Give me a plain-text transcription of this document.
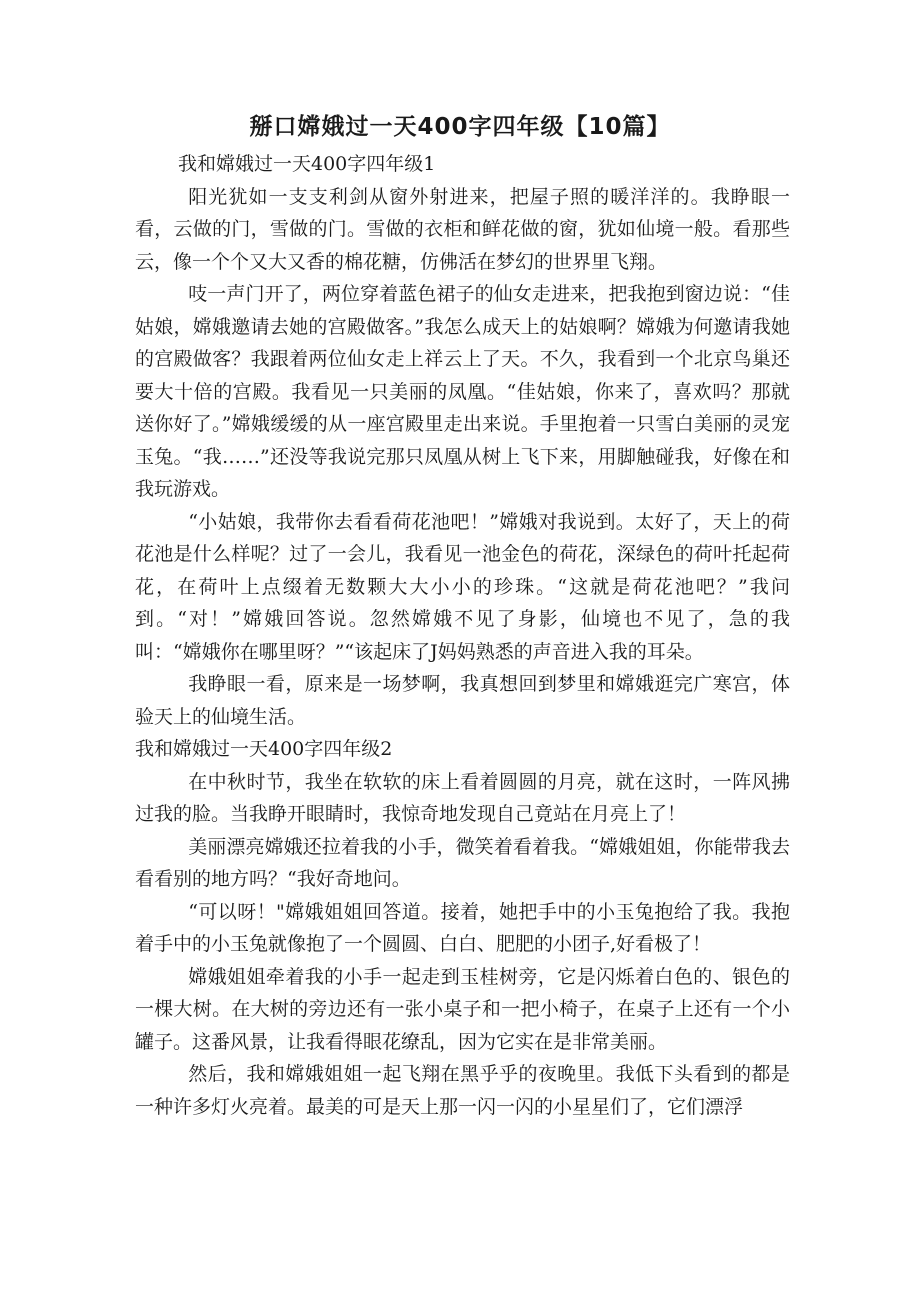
掰口嫦娥过一天400字四年级【10篇】

我和嫦娥过一天400字四年级1

阳光犹如一支支利剑从窗外射进来，把屋子照的暖洋洋的。我睁眼一看，云做的门，雪做的门。雪做的衣柜和鲜花做的窗，犹如仙境一般。看那些云，像一个个又大又香的棉花糖，仿佛活在梦幻的世界里飞翔。

吱一声门开了，两位穿着蓝色裙子的仙女走进来，把我抱到窗边说：“佳姑娘，嫦娥邀请去她的宫殿做客。”我怎么成天上的姑娘啊？嫦娥为何邀请我她的宫殿做客？我跟着两位仙女走上祥云上了天。不久，我看到一个北京鸟巢还要大十倍的宫殿。我看见一只美丽的凤凰。“佳姑娘，你来了，喜欢吗？那就送你好了。”嫦娥缓缓的从一座宫殿里走出来说。手里抱着一只雪白美丽的灵宠玉兔。“我……”还没等我说完那只凤凰从树上飞下来，用脚触碰我，好像在和我玩游戏。

“小姑娘，我带你去看看荷花池吧！”嫦娥对我说到。太好了，天上的荷花池是什么样呢？过了一会儿，我看见一池金色的荷花，深绿色的荷叶托起荷花，在荷叶上点缀着无数颗大大小小的珍珠。“这就是荷花池吧？”我问到。“对！”嫦娥回答说。忽然嫦娥不见了身影，仙境也不见了，急的我叫：“嫦娥你在哪里呀？”“该起床了J妈妈熟悉的声音进入我的耳朵。

我睁眼一看，原来是一场梦啊，我真想回到梦里和嫦娥逛完广寒宫，体验天上的仙境生活。

我和嫦娥过一天400字四年级2

在中秋时节，我坐在软软的床上看着圆圆的月亮，就在这时，一阵风拂过我的脸。当我睁开眼睛时，我惊奇地发现自己竟站在月亮上了！

美丽漂亮嫦娥还拉着我的小手，微笑着看着我。“嫦娥姐姐，你能带我去看看别的地方吗？“我好奇地问。

“可以呀！"嫦娥姐姐回答道。接着，她把手中的小玉兔抱给了我。我抱着手中的小玉兔就像抱了一个圆圆、白白、肥肥的小团子,好看极了！

嫦娥姐姐牵着我的小手一起走到玉桂树旁，它是闪烁着白色的、银色的一棵大树。在大树的旁边还有一张小桌子和一把小椅子，在桌子上还有一个小罐子。这番风景，让我看得眼花缭乱，因为它实在是非常美丽。

然后，我和嫦娥姐姐一起飞翔在黑乎乎的夜晚里。我低下头看到的都是一种许多灯火亮着。最美的可是天上那一闪一闪的小星星们了，它们漂浮
